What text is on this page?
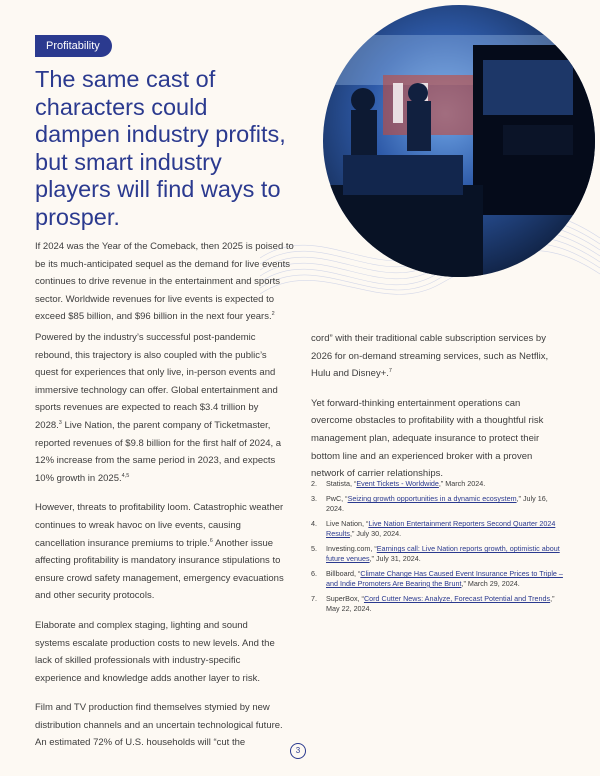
Profitability
The same cast of characters could dampen industry profits, but smart industry players will find ways to prosper.

If 2024 was the Year of the Comeback, then 2025 is poised to be its much-anticipated sequel as the demand for live events continues to drive revenue in the entertainment and sports sector. Worldwide revenues for live events is expected to exceed $85 billion, and $96 billion in the next four years.$^2$

Powered by the industry’s successful post-pandemic rebound, this trajectory is also coupled with the public’s quest for experiences that only live, in-person events and immersive technology can offer. Global entertainment and sports revenues are expected to reach $3.4 trillion by 2028.$^3$ Live Nation, the parent company of Ticketmaster, reported revenues of $9.8 billion for the first half of 2024, a 12% increase from the same period in 2023, and expects 10% growth in 2025.$^{4,5}$

However, threats to profitability loom. Catastrophic weather continues to wreak havoc on live events, causing cancellation insurance premiums to triple.$^6$ Another issue affecting profitability is mandatory insurance stipulations to ensure crowd safety management, emergency evacuations and other security protocols.

Elaborate and complex staging, lighting and sound systems escalate production costs to new levels. And the lack of skilled professionals with industry-specific experience and knowledge adds another layer to risk.

Film and TV production find themselves stymied by new distribution channels and an uncertain technological future. An estimated 72% of U.S. households will “cut the

cord” with their traditional cable subscription services by 2026 for on-demand streaming services, such as Netflix, Hulu and Disney+.$^7$

Yet forward-thinking entertainment operations can overcome obstacles to profitability with a thoughtful risk management plan, adequate insurance to protect their bottom line and an experienced broker with a proven network of carrier relationships.

2. Statista, “Event Tickets - Worldwide,” March 2024.
3. PwC, “Seizing growth opportunities in a dynamic ecosystem,” July 16, 2024.
4. Live Nation, “Live Nation Entertainment Reporters Second Quarter 2024 Results,” July 30, 2024.
5. Investing.com, “Earnings call: Live Nation reports growth, optimistic about future venues,” July 31, 2024.
6. Billboard, “Climate Change Has Caused Event Insurance Prices to Triple – and Indie Promoters Are Bearing the Brunt,” March 29, 2024.
7. SuperBox, “Cord Cutter News: Analyze, Forecast Potential and Trends,” May 22, 2024.
3
